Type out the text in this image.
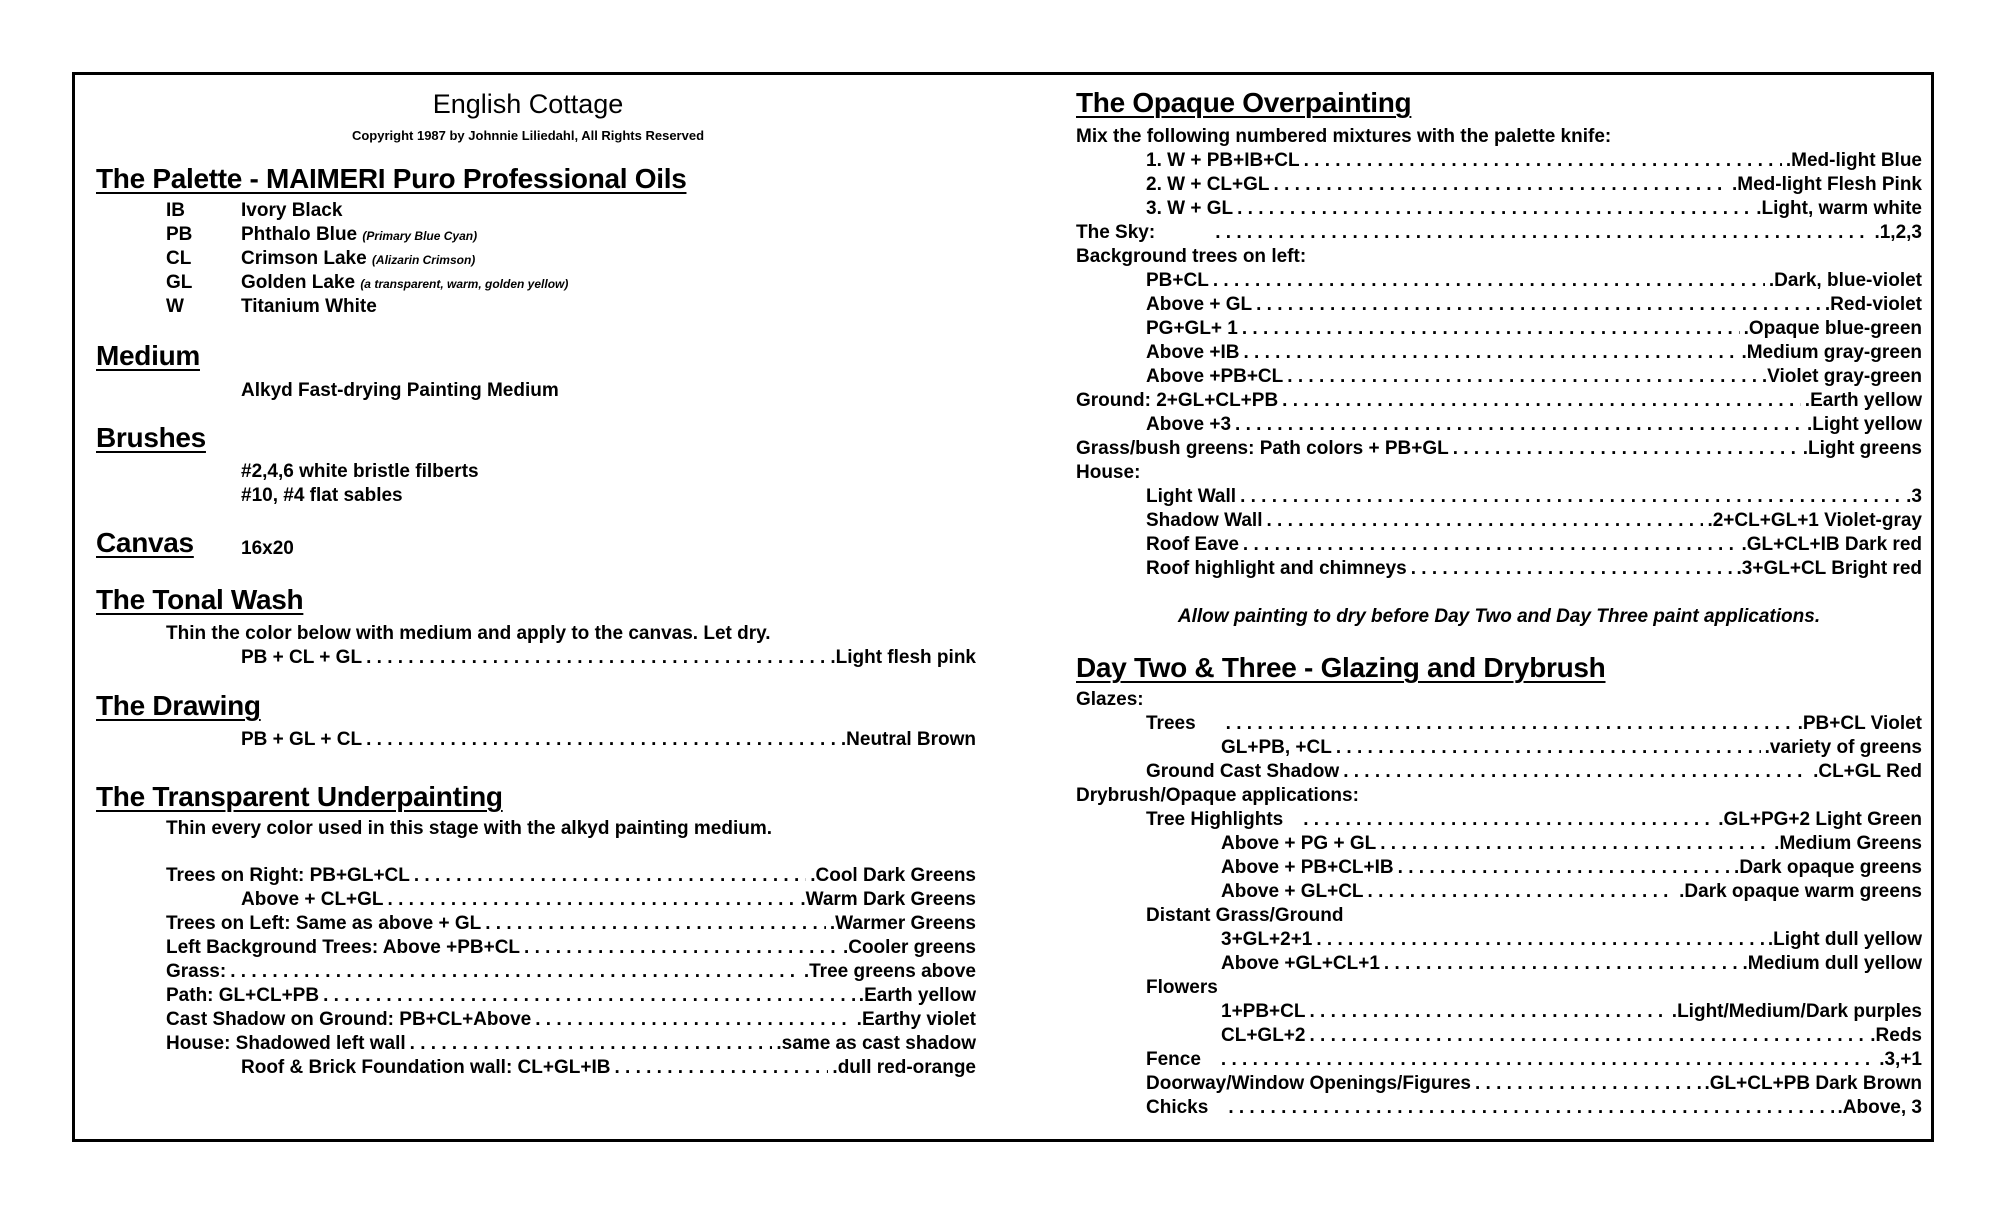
English Cottage
Copyright 1987 by Johnnie Liliedahl, All Rights Reserved
The Palette - MAIMERI Puro Professional Oils
IB	Ivory Black
PB	Phthalo Blue (Primary Blue Cyan)
CL	Crimson Lake (Alizarin Crimson)
GL	Golden Lake (a transparent, warm, golden yellow)
W	Titanium White
Medium
Alkyd Fast-drying Painting Medium
Brushes
#2,4,6 white bristle filberts
#10, #4 flat sables
Canvas 16x20
The Tonal Wash
Thin the color below with medium and apply to the canvas. Let dry.
PB + CL + GL . . .	.Light flesh pink
The Drawing
PB + GL + CL . . .	.Neutral Brown
The Transparent Underpainting
Thin every color used in this stage with the alkyd painting medium.
Trees on Right: PB+GL+CL . . .	.Cool Dark Greens
Above + CL+GL . . .	.Warm Dark Greens
Trees on Left: Same as above + GL . . .	.Warmer Greens
Left Background Trees: Above +PB+CL . . .	.Cooler greens
Grass: . . .	.Tree greens above
Path: GL+CL+PB . . .	.Earth yellow
Cast Shadow on Ground: PB+CL+Above . . .	.Earthy violet
House: Shadowed left wall . . .	.same as cast shadow
Roof & Brick Foundation wall: CL+GL+IB . . .	.dull red-orange
The Opaque Overpainting
Mix the following numbered mixtures with the palette knife:
1. W + PB+IB+CL . . .	.Med-light Blue
2. W + CL+GL . . .	.Med-light Flesh Pink
3. W + GL . . .	.Light, warm white
The Sky: . . .	.1,2,3
Background trees on left:
PB+CL . . .	.Dark, blue-violet
Above + GL . . .	.Red-violet
PG+GL+ 1 . . .	.Opaque blue-green
Above +IB . . .	.Medium gray-green
Above +PB+CL . . .	.Violet gray-green
Ground: 2+GL+CL+PB . . .	.Earth yellow
Above +3 . . .	.Light yellow
Grass/bush greens: Path colors + PB+GL . . .	.Light greens
House:
Light Wall . . .	.3
Shadow Wall . . .	.2+CL+GL+1 Violet-gray
Roof Eave . . .	.GL+CL+IB Dark red
Roof highlight and chimneys . . .	.3+GL+CL Bright red
Allow painting to dry before Day Two and Day Three paint applications.
Day Two & Three - Glazing and Drybrush
Glazes:
Trees . . .	.PB+CL Violet
GL+PB, +CL . . .	.variety of greens
Ground Cast Shadow . . .	.CL+GL Red
Drybrush/Opaque applications:
Tree Highlights . . .	.GL+PG+2 Light Green
Above + PG + GL . . .	.Medium Greens
Above + PB+CL+IB . . .	.Dark opaque greens
Above + GL+CL . . .	.Dark opaque warm greens
Distant Grass/Ground
3+GL+2+1 . . .	.Light dull yellow
Above +GL+CL+1 . . .	.Medium dull yellow
Flowers
1+PB+CL . . .	.Light/Medium/Dark purples
CL+GL+2 . . .	.Reds
Fence . . .	.3,+1
Doorway/Window Openings/Figures . . .	.GL+CL+PB Dark Brown
Chicks . . .	.Above, 3
